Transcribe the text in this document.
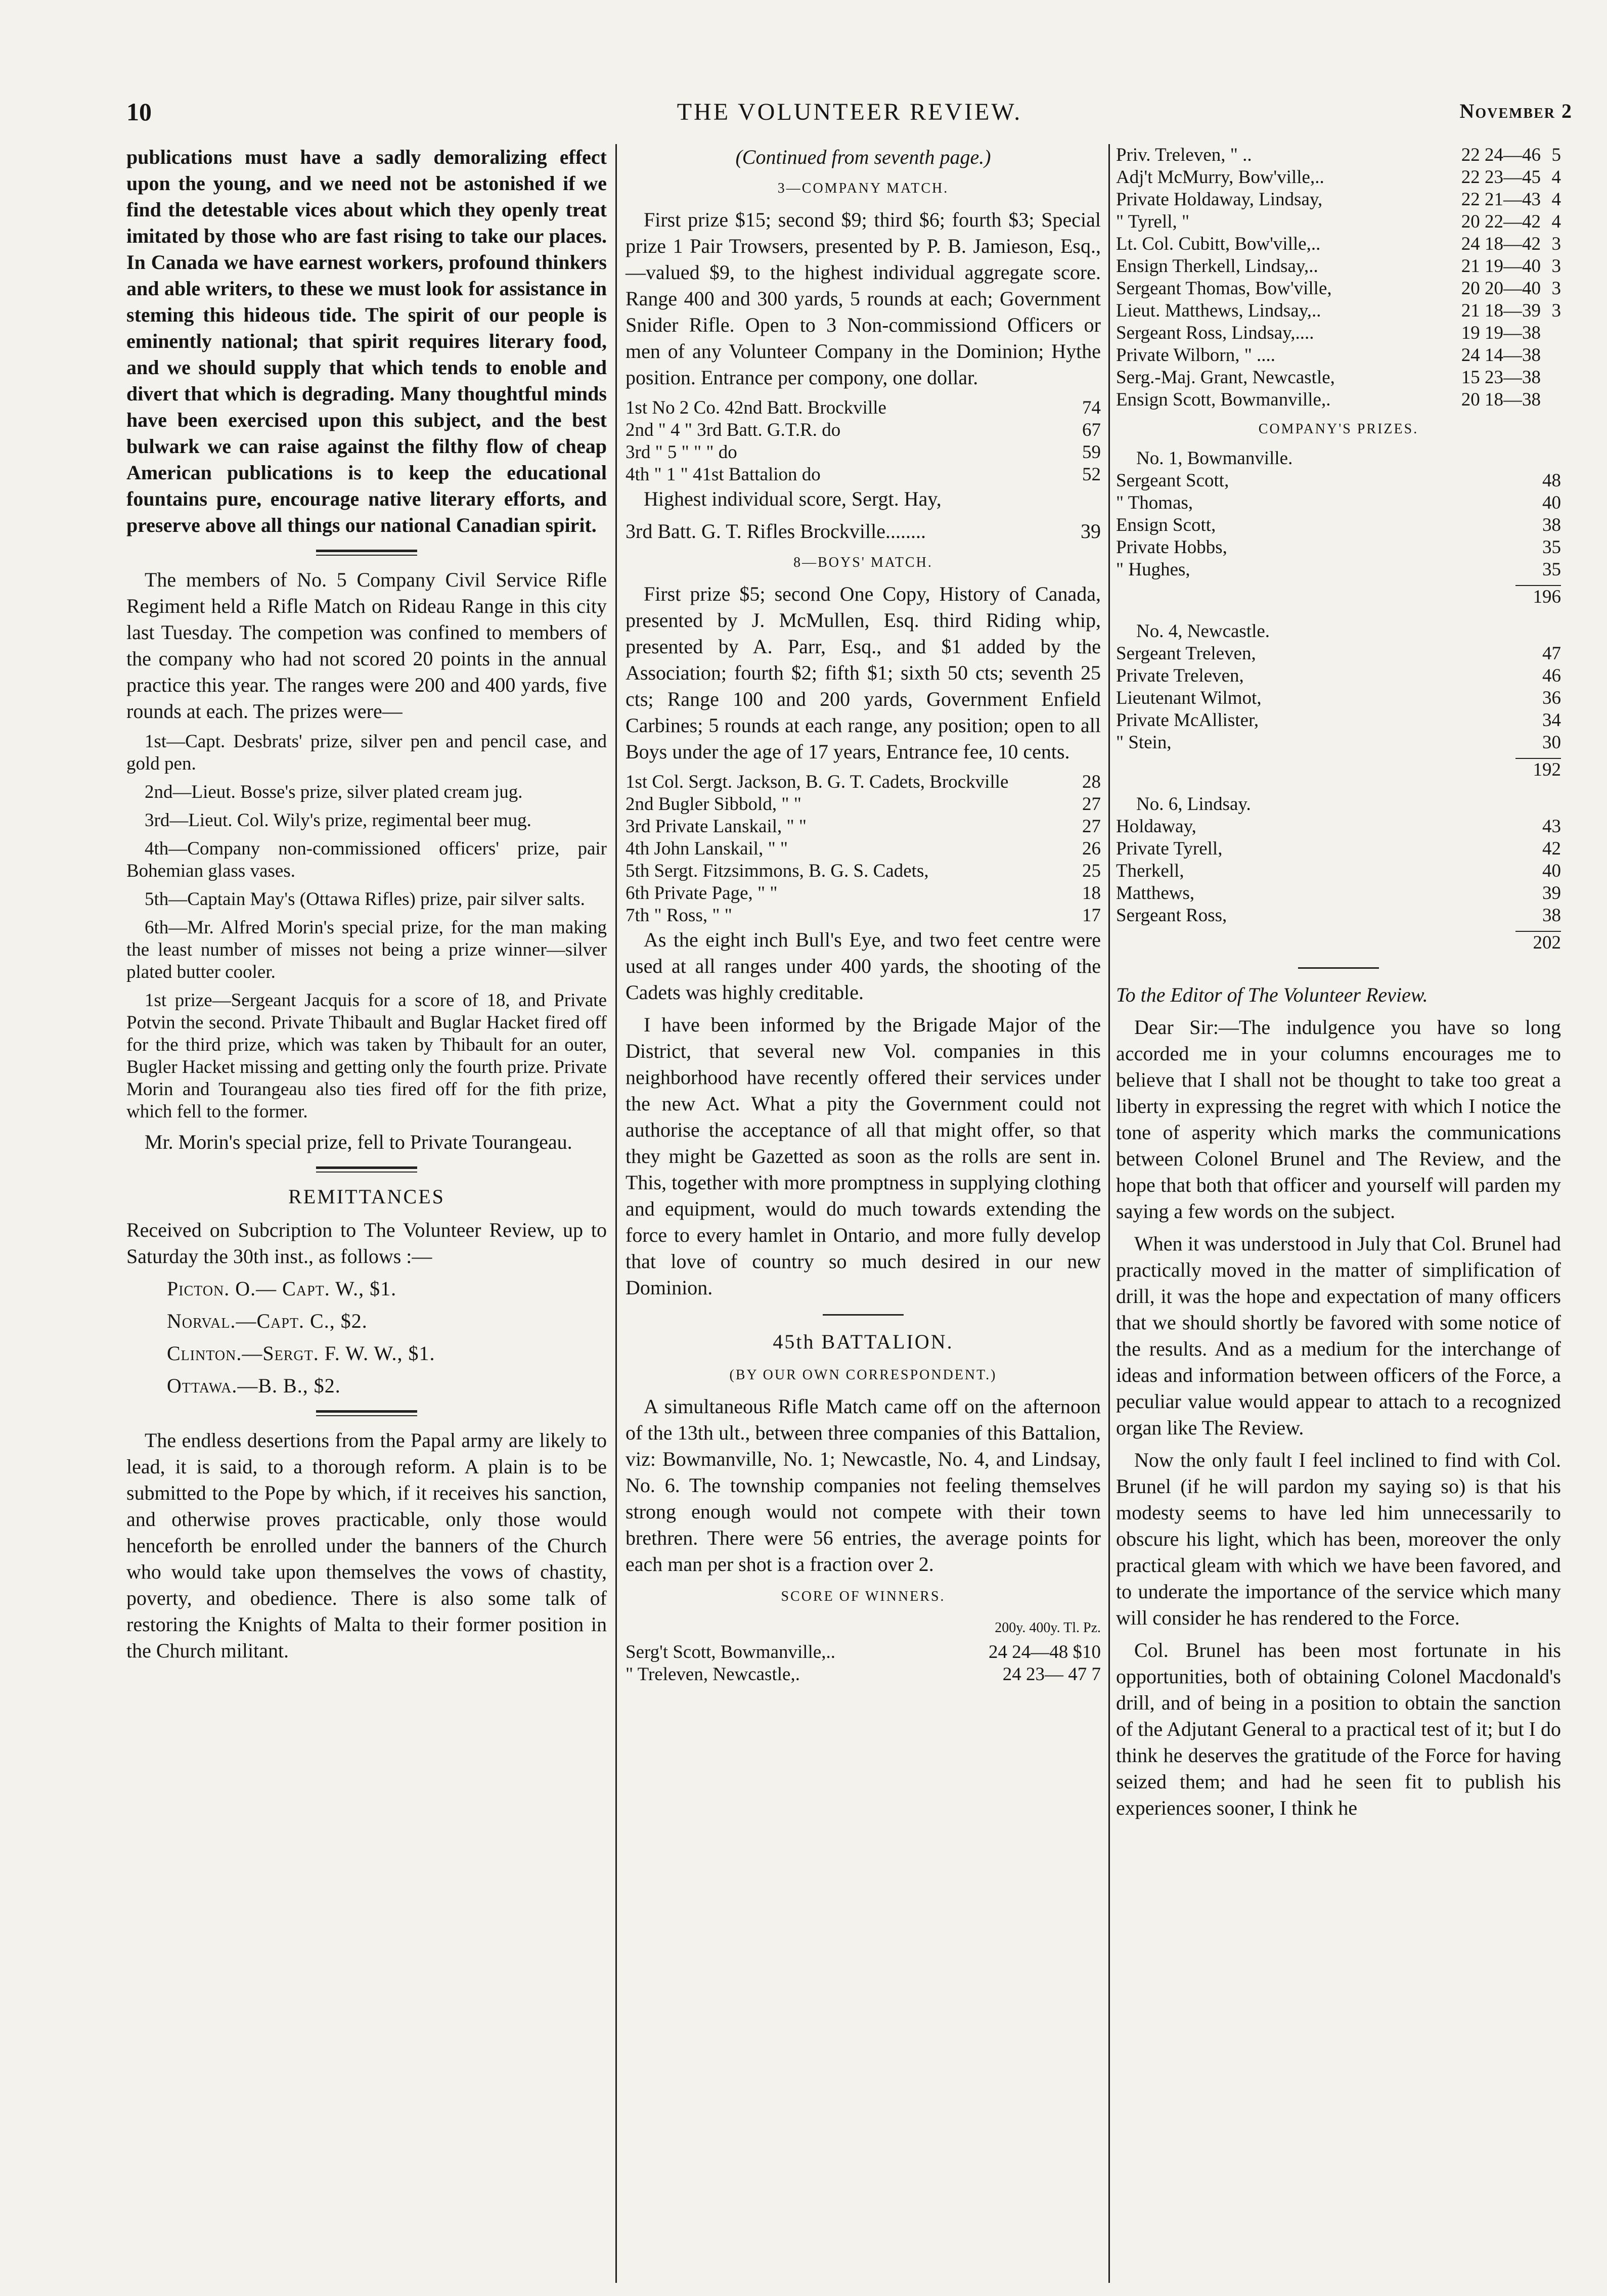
10	THE VOLUNTEER REVIEW.	November 2

publications must have a sadly demoralizing effect upon the young, and we need not be astonished if we find the detestable vices about which they openly treat imitated by those who are fast rising to take our places. In Canada we have earnest workers, profound thinkers and able writers, to these we must look for assistance in steming this hideous tide. The spirit of our people is eminently national; that spirit requires literary food, and we should supply that which tends to enoble and divert that which is degrading. Many thoughtful minds have been exercised upon this subject, and the best bulwark we can raise against the filthy flow of cheap American publications is to keep the educational fountains pure, encourage native literary efforts, and preserve above all things our national Canadian spirit.

The members of No. 5 Company Civil Service Rifle Regiment held a Rifle Match on Rideau Range in this city last Tuesday. The competion was confined to members of the company who had not scored 20 points in the annual practice this year. The ranges were 200 and 400 yards, five rounds at each. The prizes were—

1st—Capt. Desbrats' prize, silver pen and pencil case, and gold pen.

2nd—Lieut. Bosse's prize, silver plated cream jug.

3rd—Lieut. Col. Wily's prize, regimental beer mug.

4th—Company non-commissioned officers' prize, pair Bohemian glass vases.

5th—Captain May's (Ottawa Rifles) prize, pair silver salts.

6th—Mr. Alfred Morin's special prize, for the man making the least number of misses not being a prize winner—silver plated butter cooler.

1st prize—Sergeant Jacquis for a score of 18, and Private Potvin the second. Private Thibault and Buglar Hacket fired off for the third prize, which was taken by Thibault for an outer, Bugler Hacket missing and getting only the fourth prize. Private Morin and Tourangeau also ties fired off for the fith prize, which fell to the former.

Mr. Morin's special prize, fell to Private Tourangeau.

REMITTANCES

Received on Subcription to The Volunteer Review, up to Saturday the 30th inst., as follows :—

Picton. O.— Capt. W., $1.

Norval.—Capt. C., $2.

Clinton.—Sergt. F. W. W., $1.

Ottawa.—B. B., $2.

The endless desertions from the Papal army are likely to lead, it is said, to a thorough reform. A plain is to be submitted to the Pope by which, if it receives his sanction, and otherwise proves practicable, only those would henceforth be enrolled under the banners of the Church who would take upon themselves the vows of chastity, poverty, and obedience. There is also some talk of restoring the Knights of Malta to their former position in the Church militant.

(Continued from seventh page.)
3—COMPANY MATCH.

First prize $15; second $9; third $6; fourth $3; Special prize 1 Pair Trowsers, presented by P. B. Jamieson, Esq.,—valued $9, to the highest individual aggregate score. Range 400 and 300 yards, 5 rounds at each; Government Snider Rifle. Open to 3 Non-commissiond Officers or men of any Volunteer Company in the Dominion; Hythe position. Entrance per compony, one dollar.

1st No 2 Co. 42nd Batt. Brockville	74
2nd " 4 " 3rd Batt. G.T.R. do	67
3rd " 5 " " " do	59
4th " 1 " 41st Battalion do	52

Highest individual score, Sergt. Hay,

3rd Batt. G. T. Rifles Brockville........	39
8—BOYS' MATCH.

First prize $5; second One Copy, History of Canada, presented by J. McMullen, Esq. third Riding whip, presented by A. Parr, Esq., and $1 added by the Association; fourth $2; fifth $1; sixth 50 cts; seventh 25 cts; Range 100 and 200 yards, Government Enfield Carbines; 5 rounds at each range, any position; open to all Boys under the age of 17 years, Entrance fee, 10 cents.

1st Col. Sergt. Jackson, B. G. T. Cadets, Brockville	28
2nd Bugler Sibbold, " "	27
3rd Private Lanskail, " "	27
4th John Lanskail, " "	26
5th Sergt. Fitzsimmons, B. G. S. Cadets,	25
6th Private Page, " "	18
7th " Ross, " "	17

As the eight inch Bull's Eye, and two feet centre were used at all ranges under 400 yards, the shooting of the Cadets was highly creditable.

I have been informed by the Brigade Major of the District, that several new Vol. companies in this neighborhood have recently offered their services under the new Act. What a pity the Government could not authorise the acceptance of all that might offer, so that they might be Gazetted as soon as the rolls are sent in. This, together with more promptness in supplying clothing and equipment, would do much towards extending the force to every hamlet in Ontario, and more fully develop that love of country so much desired in our new Dominion.

45th BATTALION.
(BY OUR OWN CORRESPONDENT.)

A simultaneous Rifle Match came off on the afternoon of the 13th ult., between three companies of this Battalion, viz: Bowmanville, No. 1; Newcastle, No. 4, and Lindsay, No. 6. The township companies not feeling themselves strong enough would not compete with their town brethren. There were 56 entries, the average points for each man per shot is a fraction over 2.

SCORE OF WINNERS.
200y. 400y. Tl. Pz.
Serg't Scott, Bowmanville,..	24 24—48 $10
" Treleven, Newcastle,.	24 23— 47 7
Priv. Treleven, " ..	22 24—46 5
Adj't McMurry, Bow'ville,..	22 23—45 4
Private Holdaway, Lindsay,	22 21—43 4
" Tyrell, "	20 22—42 4
Lt. Col. Cubitt, Bow'ville,..	24 18—42 3
Ensign Therkell, Lindsay,..	21 19—40 3
Sergeant Thomas, Bow'ville,	20 20—40 3
Lieut. Matthews, Lindsay,..	21 18—39 3
Sergeant Ross, Lindsay,....	19 19—38
Private Wilborn, " ....	24 14—38
Serg.-Maj. Grant, Newcastle,	15 23—38
Ensign Scott, Bowmanville,.	20 18—38
COMPANY'S PRIZES.
No. 1, Bowmanville.
Sergeant Scott,	48
" Thomas,	40
Ensign Scott,	38
Private Hobbs,	35
" Hughes,	35
196
No. 4, Newcastle.
Sergeant Treleven,	47
Private Treleven,	46
Lieutenant Wilmot,	36
Private McAllister,	34
" Stein,	30
192
No. 6, Lindsay.
Holdaway,	43
Private Tyrell,	42
Therkell,	40
Matthews,	39
Sergeant Ross,	38
202

To the Editor of The Volunteer Review.

Dear Sir:—The indulgence you have so long accorded me in your columns encourages me to believe that I shall not be thought to take too great a liberty in expressing the regret with which I notice the tone of asperity which marks the communications between Colonel Brunel and The Review, and the hope that both that officer and yourself will parden my saying a few words on the subject.

When it was understood in July that Col. Brunel had practically moved in the matter of simplification of drill, it was the hope and expectation of many officers that we should shortly be favored with some notice of the results. And as a medium for the interchange of ideas and information between officers of the Force, a peculiar value would appear to attach to a recognized organ like The Review.

Now the only fault I feel inclined to find with Col. Brunel (if he will pardon my saying so) is that his modesty seems to have led him unnecessarily to obscure his light, which has been, moreover the only practical gleam with which we have been favored, and to underate the importance of the service which many will consider he has rendered to the Force.

Col. Brunel has been most fortunate in his opportunities, both of obtaining Colonel Macdonald's drill, and of being in a position to obtain the sanction of the Adjutant General to a practical test of it; but I do think he deserves the gratitude of the Force for having seized them; and had he seen fit to publish his experiences sooner, I think he
